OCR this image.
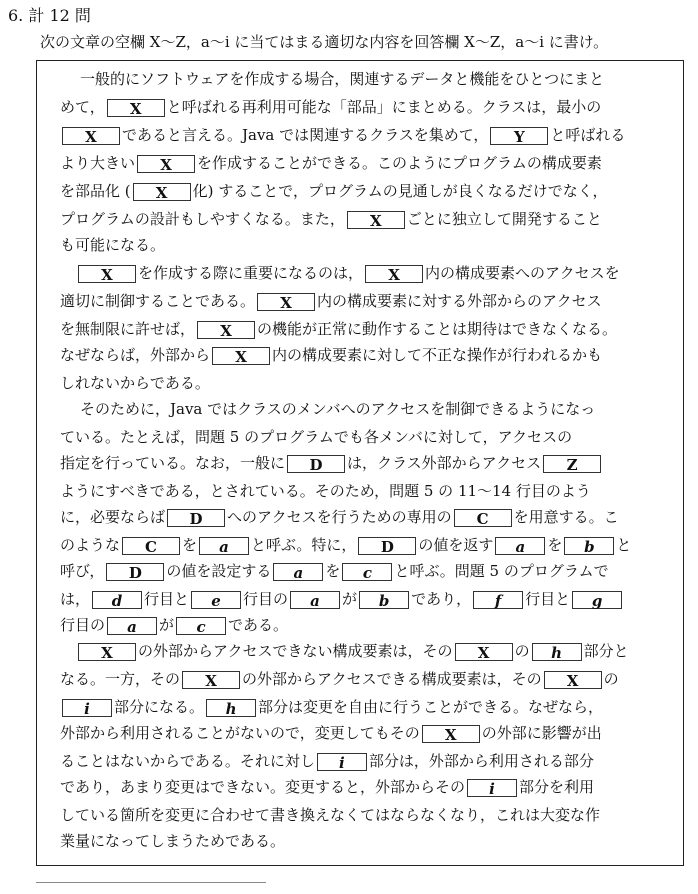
6. 計 12 問
次の文章の空欄 X～Z，a～i に当てはまる適切な内容を回答欄 X～Z，a～i に書け。
一般的にソフトウェアを作成する場合，関連するデータと機能をひとつにまと
めて， X と呼ばれる再利用可能な「部品」にまとめる。クラスは，最小の
X であると言える。Java では関連するクラスを集めて， Y と呼ばれる
より大きい X を作成することができる。このようにプログラムの構成要素
を部品化 ( X 化) することで，プログラムの見通しが良くなるだけでなく，
プログラムの設計もしやすくなる。また， X ごとに独立して開発すること
も可能になる。
X を作成する際に重要になるのは， X 内の構成要素へのアクセスを
適切に制御することである。 X 内の構成要素に対する外部からのアクセス
を無制限に許せば， X の機能が正常に動作することは期待はできなくなる。
なぜならば，外部から X 内の構成要素に対して不正な操作が行われるかも
しれないからである。
そのために，Java ではクラスのメンバへのアクセスを制御できるようになっ
ている。たとえば，問題 5 のプログラムでも各メンバに対して，アクセスの
指定を行っている。なお，一般に D は，クラス外部からアクセス Z
ようにすべきである，とされている。そのため，問題 5 の 11～14 行目のよう
に，必要ならば D へのアクセスを行うための専用の C を用意する。こ
のような C を a と呼ぶ。特に， D の値を返す a を b と
呼び， D の値を設定する a を c と呼ぶ。問題 5 のプログラムで
は， d 行目と e 行目の a が b であり， f 行目と g
行目の a が c である。
X の外部からアクセスできない構成要素は，その X の h 部分と
なる。一方，その X の外部からアクセスできる構成要素は，その X の
i 部分になる。 h 部分は変更を自由に行うことができる。なぜなら，
外部から利用されることがないので，変更してもその X の外部に影響が出
ることはないからである。それに対し i 部分は，外部から利用される部分
であり，あまり変更はできない。変更すると，外部からその i 部分を利用
している箇所を変更に合わせて書き換えなくてはならなくなり，これは大変な作
業量になってしまうためである。
